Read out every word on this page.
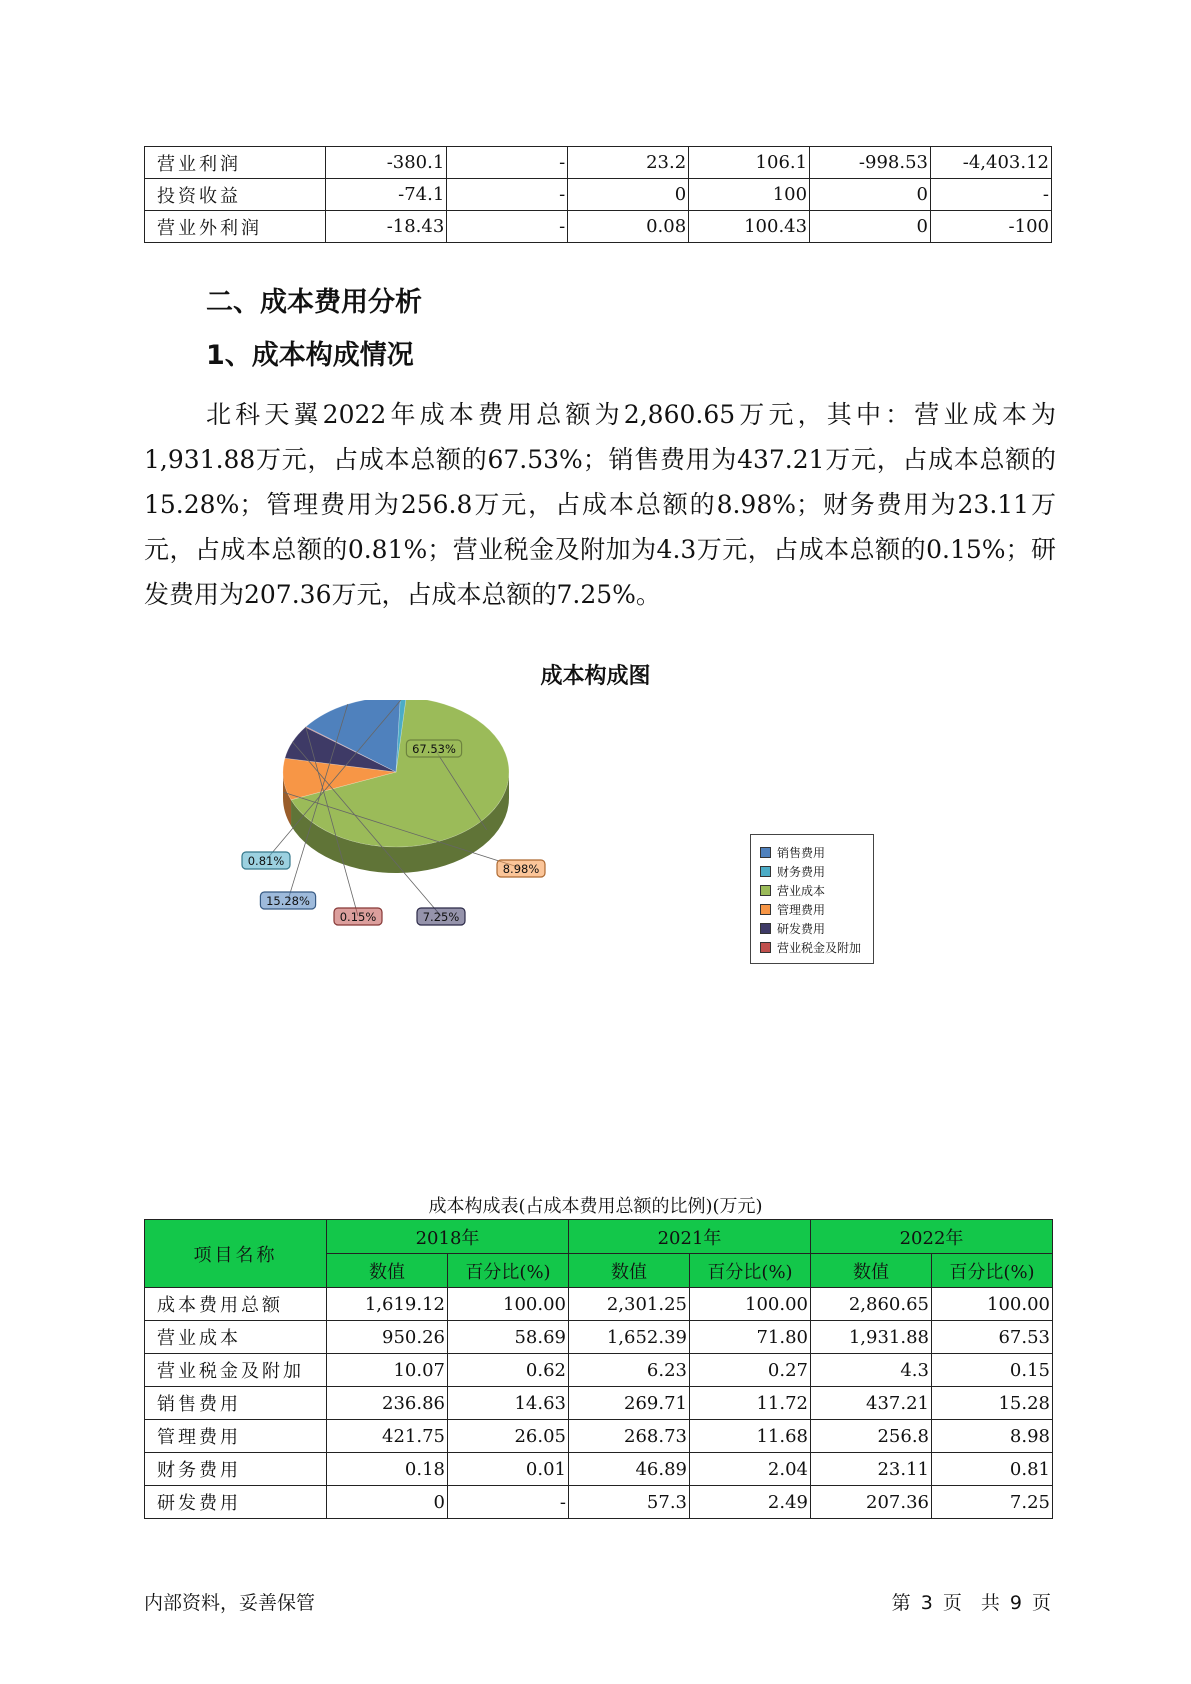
营业利润	-380.1	-	23.2	106.1	-998.53	-4,403.12
投资收益	-74.1	-	0	100	0	-
营业外利润	-18.43	-	0.08	100.43	0	-100
二、成本费用分析
1、成本构成情况

北科天翼2022年成本费用总额为2,860.65万元，其中：营业成本为1,931.88万元，占成本总额的67.53%；销售费用为437.21万元，占成本总额的15.28%；管理费用为256.8万元，占成本总额的8.98%；财务费用为23.11万元，占成本总额的0.81%；营业税金及附加为4.3万元，占成本总额的0.15%；研发费用为207.36万元，占成本总额的7.25%。

成本构成图
67.53%
8.98%
7.25%
0.15%
15.28%
0.81%
销售费用
财务费用
营业成本
管理费用
研发费用
营业税金及附加
成本构成表(占成本费用总额的比例)(万元)
项目名称	2018年		2021年		2022年	
	数值	百分比(%)	数值	百分比(%)	数值	百分比(%)
成本费用总额	1,619.12	100.00	2,301.25	100.00	2,860.65	100.00
营业成本	950.26	58.69	1,652.39	71.80	1,931.88	67.53
营业税金及附加	10.07	0.62	6.23	0.27	4.3	0.15
销售费用	236.86	14.63	269.71	11.72	437.21	15.28
管理费用	421.75	26.05	268.73	11.68	256.8	8.98
财务费用	0.18	0.01	46.89	2.04	23.11	0.81
研发费用	0	-	57.3	2.49	207.36	7.25
内部资料，妥善保管	第 3 页　共 9 页
